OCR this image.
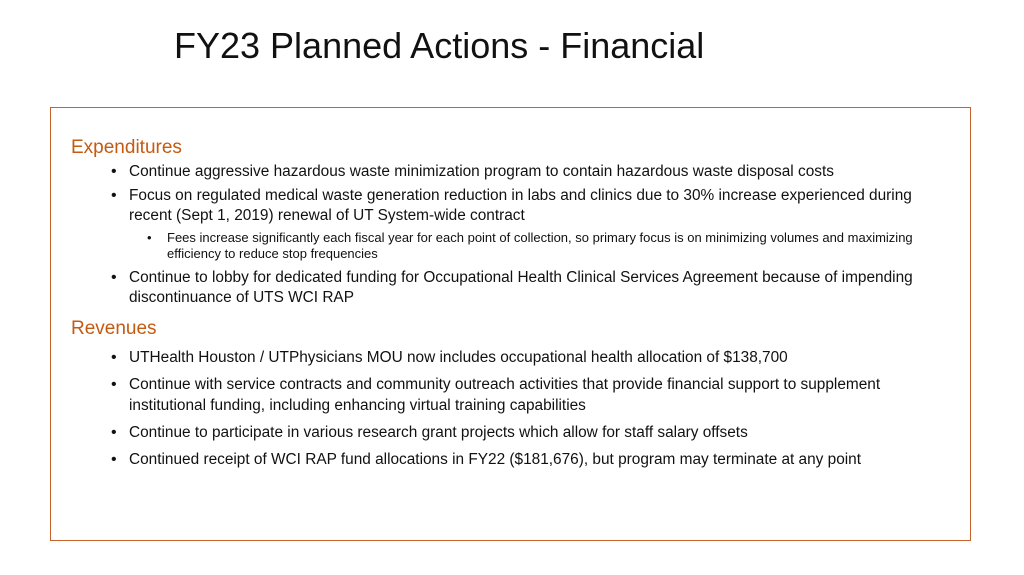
FY23 Planned Actions - Financial

Expenditures

• Continue aggressive hazardous waste minimization program to contain hazardous waste disposal costs
• Focus on regulated medical waste generation reduction in labs and clinics due to 30% increase experienced during recent (Sept 1, 2019) renewal of UT System-wide contract
• Fees increase significantly each fiscal year for each point of collection, so primary focus is on minimizing volumes and maximizing efficiency to reduce stop frequencies
• Continue to lobby for dedicated funding for Occupational Health Clinical Services Agreement because of impending discontinuance of UTS WCI RAP

Revenues

• UTHealth Houston / UTPhysicians MOU now includes occupational health allocation of $138,700
• Continue with service contracts and community outreach activities that provide financial support to supplement institutional funding, including enhancing virtual training capabilities
• Continue to participate in various research grant projects which allow for staff salary offsets
• Continued receipt of WCI RAP fund allocations in FY22 ($181,676), but program may terminate at any point
